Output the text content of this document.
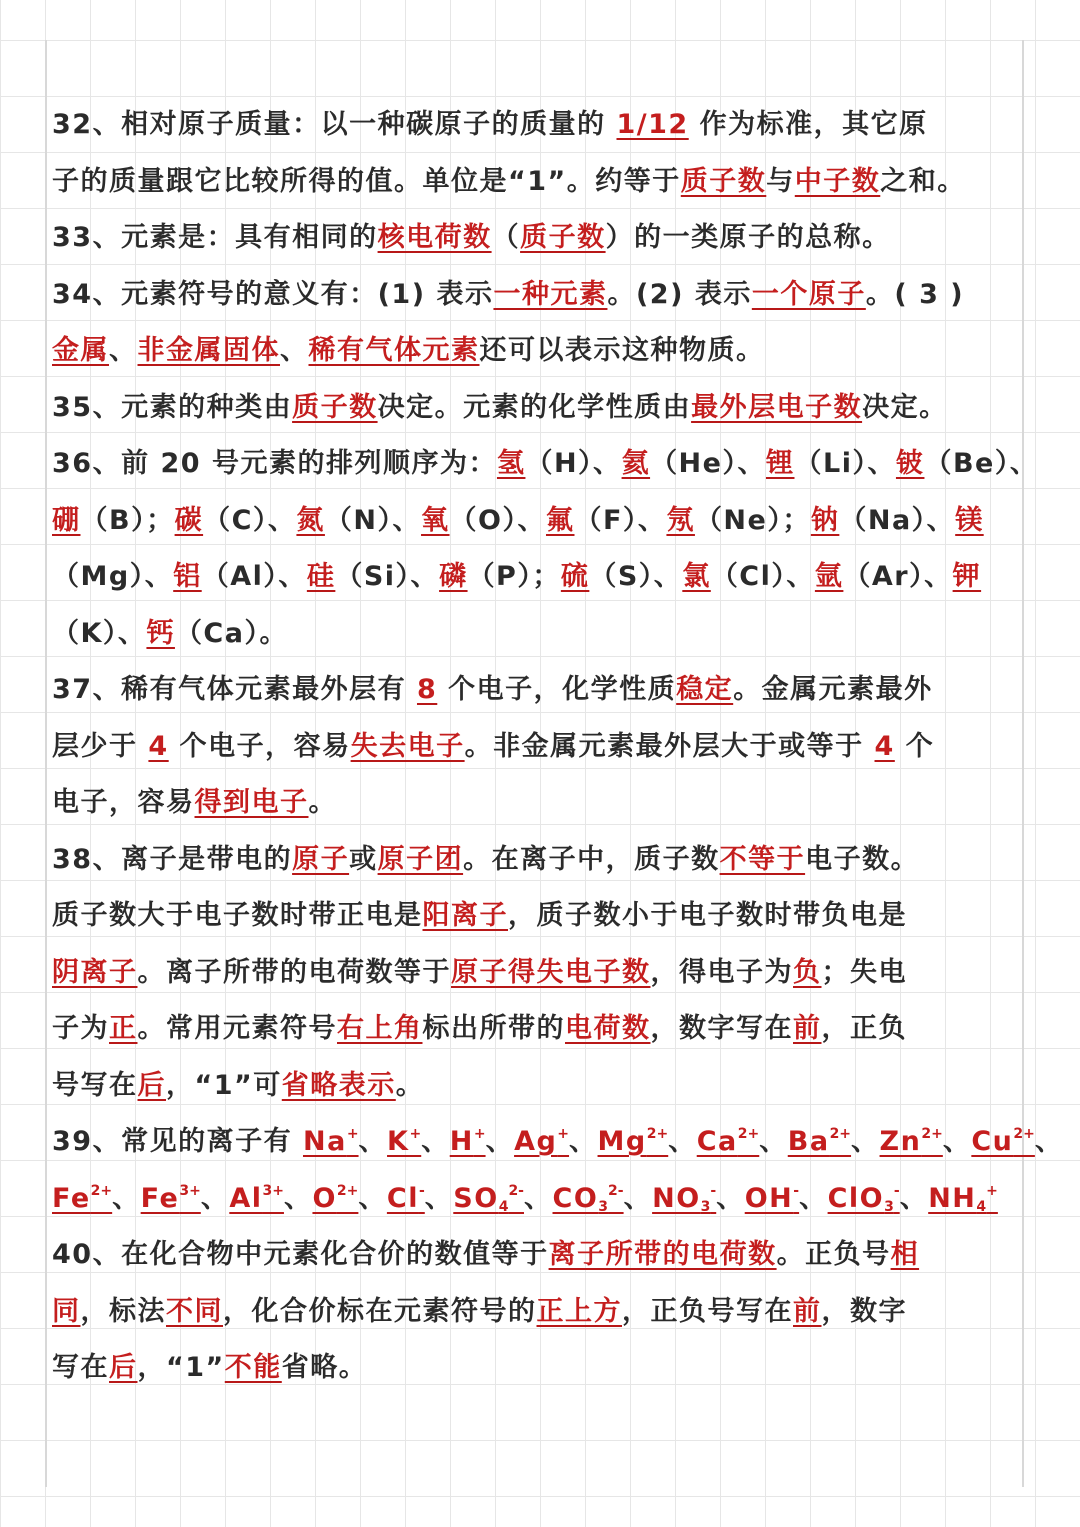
32、相对原子质量：以一种碳原子的质量的 1/12 作为标准，其它原
子的质量跟它比较所得的值。单位是“1”。约等于质子数与中子数之和。
33、元素是：具有相同的核电荷数（质子数）的一类原子的总称。
34、元素符号的意义有：(1) 表示一种元素。(2) 表示一个原子。( 3 )
金属、非金属固体、稀有气体元素还可以表示这种物质。
35、元素的种类由质子数决定。元素的化学性质由最外层电子数决定。
36、前 20 号元素的排列顺序为：氢（H）、氦（He）、锂（Li）、铍（Be）、
硼（B）；碳（C）、氮（N）、氧（O）、氟（F）、氖（Ne）；钠（Na）、镁
（Mg）、铝（Al）、硅（Si）、磷（P）；硫（S）、氯（Cl）、氩（Ar）、钾
（K）、钙（Ca）。
37、稀有气体元素最外层有 8 个电子，化学性质稳定。金属元素最外
层少于 4 个电子，容易失去电子。非金属元素最外层大于或等于 4 个
电子，容易得到电子。
38、离子是带电的原子或原子团。在离子中，质子数不等于电子数。
质子数大于电子数时带正电是阳离子，质子数小于电子数时带负电是
阴离子。离子所带的电荷数等于原子得失电子数，得电子为负；失电
子为正。常用元素符号右上角标出所带的电荷数，数字写在前，正负
号写在后，“1”可省略表示。
39、常见的离子有 Na+、K+、H+、Ag+、$Mg^{2+}$、$Ca^{2+}$、$Ba^{2+}$、$Zn^{2+}$、$Cu^{2+}$、
$Fe^{2+}$、$Fe^{3+}$、$Al^{3+}$、$O^{2+}$、Cl-、$SO_4^{2-}$、$CO_3^{2-}$、$NO_3^-$、OH-、ClO$_3$-、$NH_4^+$
40、在化合物中元素化合价的数值等于离子所带的电荷数。正负号相
同，标法不同，化合价标在元素符号的正上方，正负号写在前，数字
写在后，“1”不能省略。
